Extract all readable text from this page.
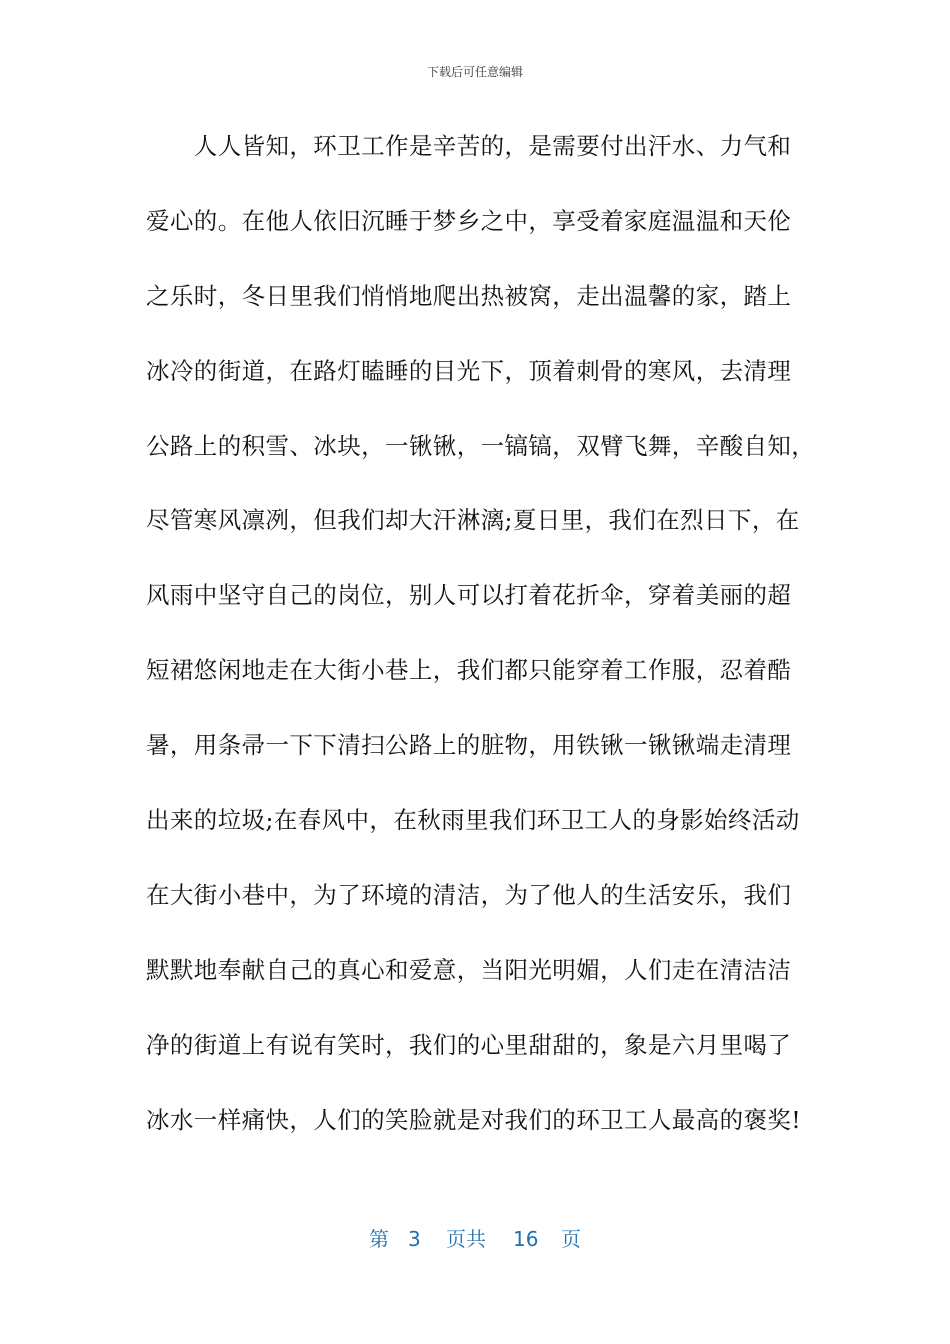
下载后可任意编辑
　　人人皆知，环卫工作是辛苦的，是需要付出汗水、力气和
爱心的。在他人依旧沉睡于梦乡之中，享受着家庭温温和天伦
之乐时，冬日里我们悄悄地爬出热被窝，走出温馨的家，踏上
冰冷的街道，在路灯瞌睡的目光下，顶着刺骨的寒风，去清理
公路上的积雪、冰块，一锹锹，一镐镐，双臂飞舞，辛酸自知，
尽管寒风凛冽，但我们却大汗淋漓;夏日里，我们在烈日下，在
风雨中坚守自己的岗位，别人可以打着花折伞，穿着美丽的超
短裙悠闲地走在大街小巷上，我们都只能穿着工作服，忍着酷
暑，用条帚一下下清扫公路上的脏物，用铁锹一锹锹端走清理
出来的垃圾;在春风中，在秋雨里我们环卫工人的身影始终活动
在大街小巷中，为了环境的清洁，为了他人的生活安乐，我们
默默地奉献自己的真心和爱意，当阳光明媚，人们走在清洁洁
净的街道上有说有笑时，我们的心里甜甜的，象是六月里喝了
冰水一样痛快，人们的笑脸就是对我们的环卫工人最高的褒奖!
第 3 页共 16 页
